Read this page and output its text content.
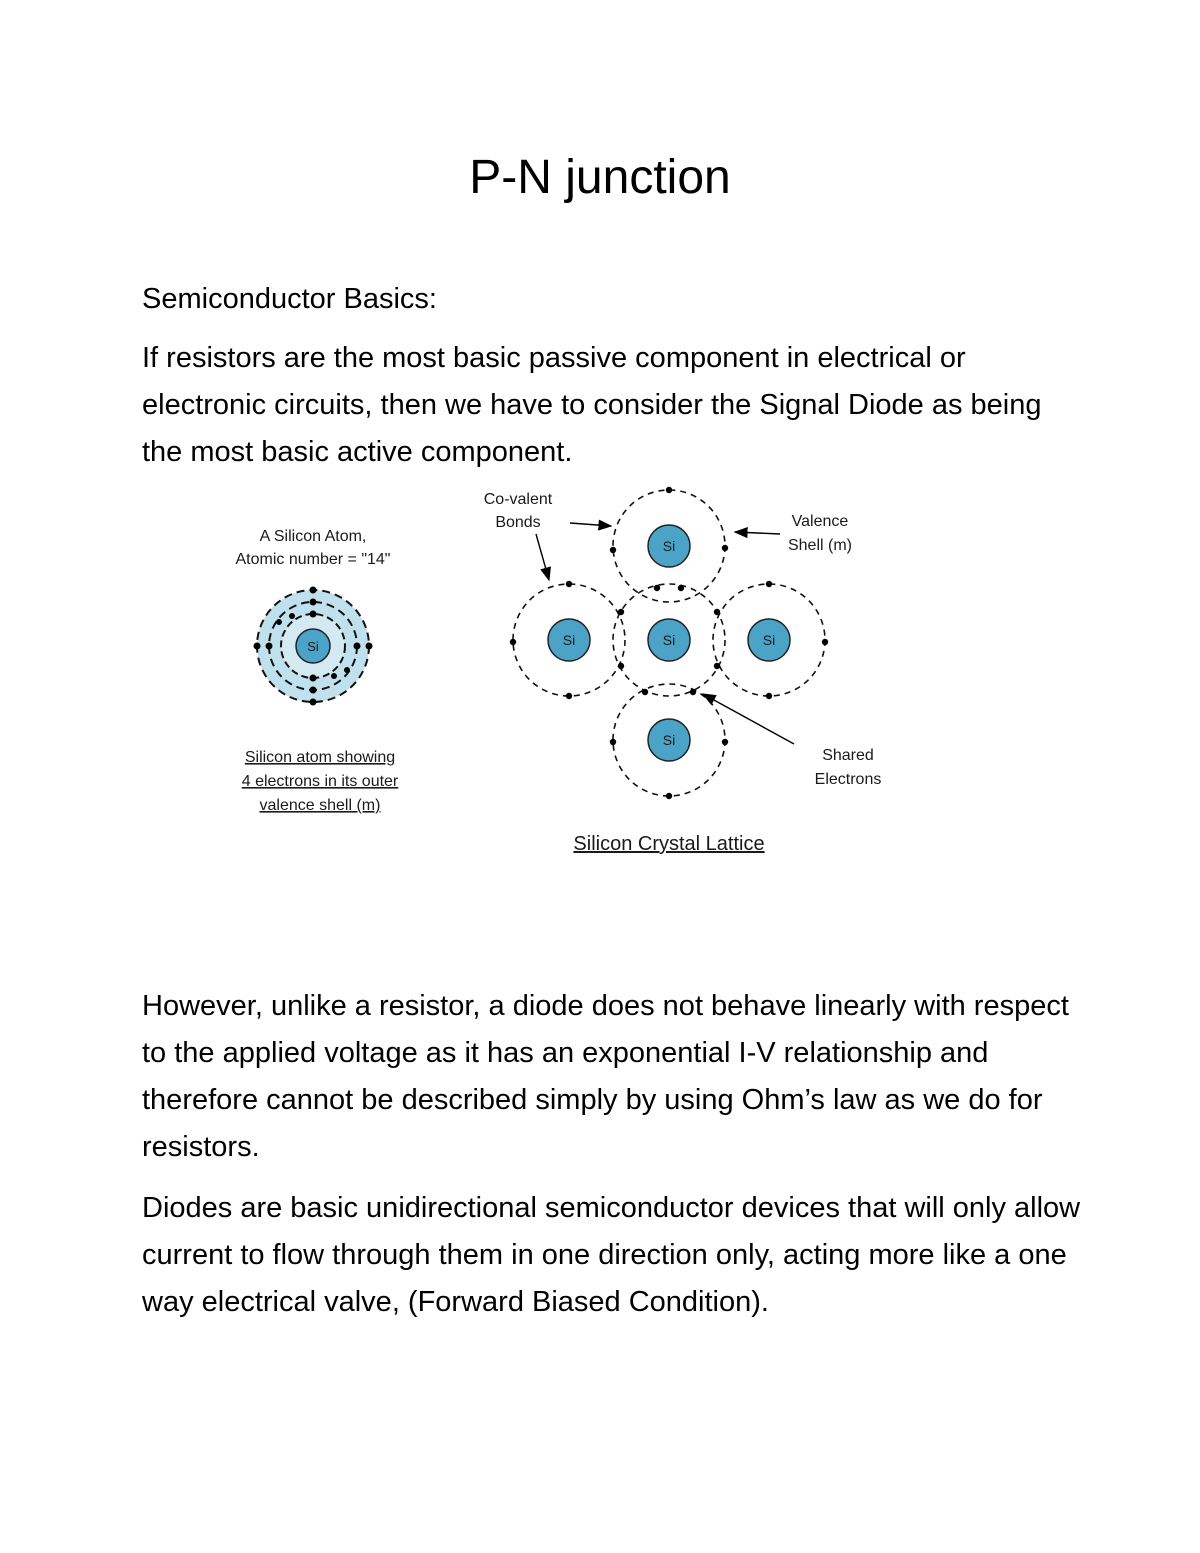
P-N junction

Semiconductor Basics:

If resistors are the most basic passive component in electrical or electronic circuits, then we have to consider the Signal Diode as being the most basic active component.

A Silicon Atom,
Atomic number = "14"
Si
Silicon atom showing
4 electrons in its outer
valence shell (m)
Si
Si	Si	Si
Si
Co-valent
Bonds	Valence
Shell (m)
Shared
Electrons
Silicon Crystal Lattice

However, unlike a resistor, a diode does not behave linearly with respect to the applied voltage as it has an exponential I-V relationship and therefore cannot be described simply by using Ohm’s law as we do for resistors.

Diodes are basic unidirectional semiconductor devices that will only allow current to flow through them in one direction only, acting more like a one way electrical valve, (Forward Biased Condition).
